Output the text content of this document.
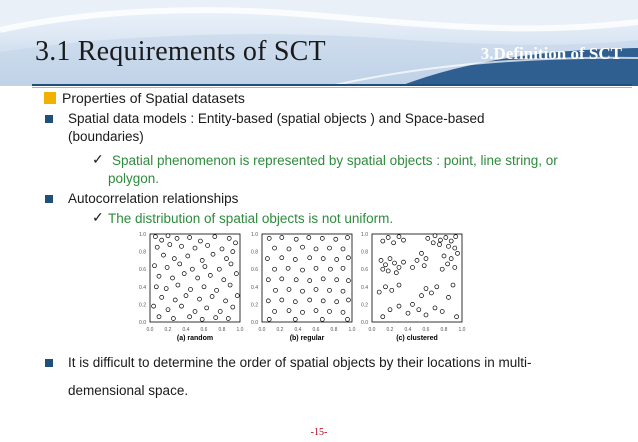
3.1 Requirements of SCT	3.Definition of SCT
Properties of Spatial datasets
Spatial data models : Entity-based (spatial objects ) and Space-based
(boundaries)
✓ Spatial phenomenon is represented by spatial objects : point, line string, or
polygon.
Autocorrelation relationships
✓ The distribution of spatial objects is not uniform.
0.0
0.2
0.4
0.6
0.8
1.0
0.0 0.2 0.4 0.6 0.8 1.0
(a) random
0.0
0.2
0.4
0.6
0.8
1.0
0.0 0.2 0.4 0.6 0.8 1.0
(b) regular
0.0
0.2
0.4
0.6
0.8
1.0
0.0 0.2 0.4 0.6 0.8 1.0
(c) clustered
It is difficult to determine the order of spatial objects by their locations in multi-
demensional space.
-15-
